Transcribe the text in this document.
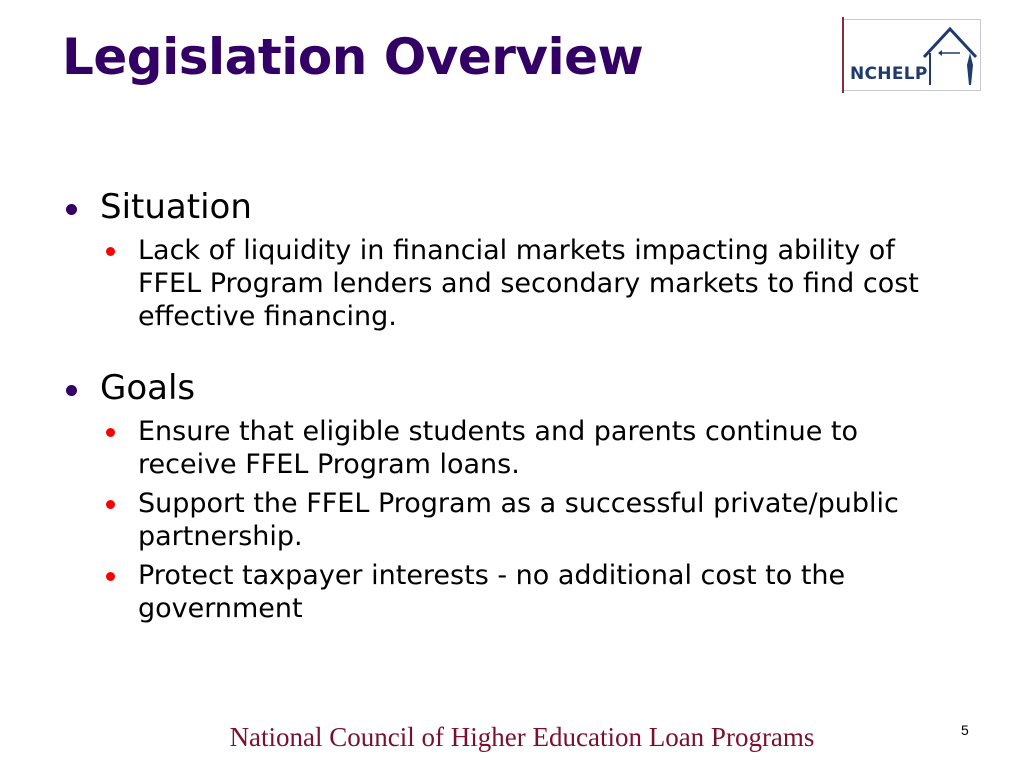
Legislation Overview	NCHELP
Situation
Lack of liquidity in financial markets impacting ability of FFEL Program lenders and secondary markets to find cost effective financing.
Goals
Ensure that eligible students and parents continue to receive FFEL Program loans.
Support the FFEL Program as a successful private/public partnership.
Protect taxpayer interests - no additional cost to the government
National Council of Higher Education Loan Programs	5
